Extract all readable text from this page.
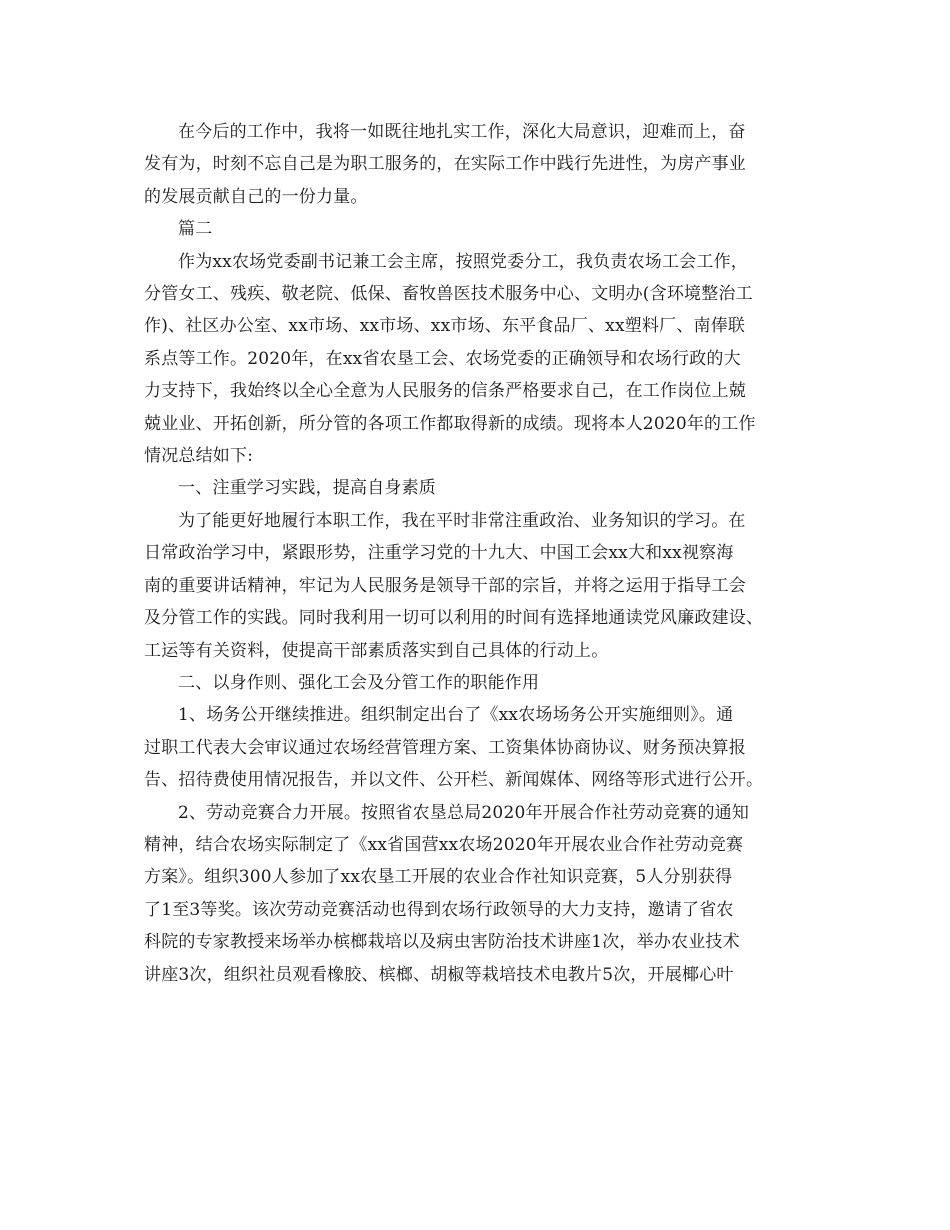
在今后的工作中，我将一如既往地扎实工作，深化大局意识，迎难而上，奋
发有为，时刻不忘自己是为职工服务的，在实际工作中践行先进性，为房产事业
的发展贡献自己的一份力量。
篇二
作为xx农场党委副书记兼工会主席，按照党委分工，我负责农场工会工作，
分管女工、残疾、敬老院、低保、畜牧兽医技术服务中心、文明办(含环境整治工
作)、社区办公室、xx市场、xx市场、xx市场、东平食品厂、xx塑料厂、南俸联
系点等工作。2020年，在xx省农垦工会、农场党委的正确领导和农场行政的大
力支持下，我始终以全心全意为人民服务的信条严格要求自己，在工作岗位上兢
兢业业、开拓创新，所分管的各项工作都取得新的成绩。现将本人2020年的工作
情况总结如下:
一、注重学习实践，提高自身素质
为了能更好地履行本职工作，我在平时非常注重政治、业务知识的学习。在
日常政治学习中，紧跟形势，注重学习党的十九大、中国工会xx大和xx视察海
南的重要讲话精神，牢记为人民服务是领导干部的宗旨，并将之运用于指导工会
及分管工作的实践。同时我利用一切可以利用的时间有选择地通读党风廉政建设、
工运等有关资料，使提高干部素质落实到自己具体的行动上。
二、以身作则、强化工会及分管工作的职能作用
1、场务公开继续推进。组织制定出台了《xx农场场务公开实施细则》。通
过职工代表大会审议通过农场经营管理方案、工资集体协商协议、财务预决算报
告、招待费使用情况报告，并以文件、公开栏、新闻媒体、网络等形式进行公开。
2、劳动竞赛合力开展。按照省农垦总局2020年开展合作社劳动竞赛的通知
精神，结合农场实际制定了《xx省国营xx农场2020年开展农业合作社劳动竞赛
方案》。组织300人参加了xx农垦工开展的农业合作社知识竞赛，5人分别获得
了1至3等奖。该次劳动竞赛活动也得到农场行政领导的大力支持，邀请了省农
科院的专家教授来场举办槟榔栽培以及病虫害防治技术讲座1次，举办农业技术
讲座3次，组织社员观看橡胶、槟榔、胡椒等栽培技术电教片5次，开展椰心叶
